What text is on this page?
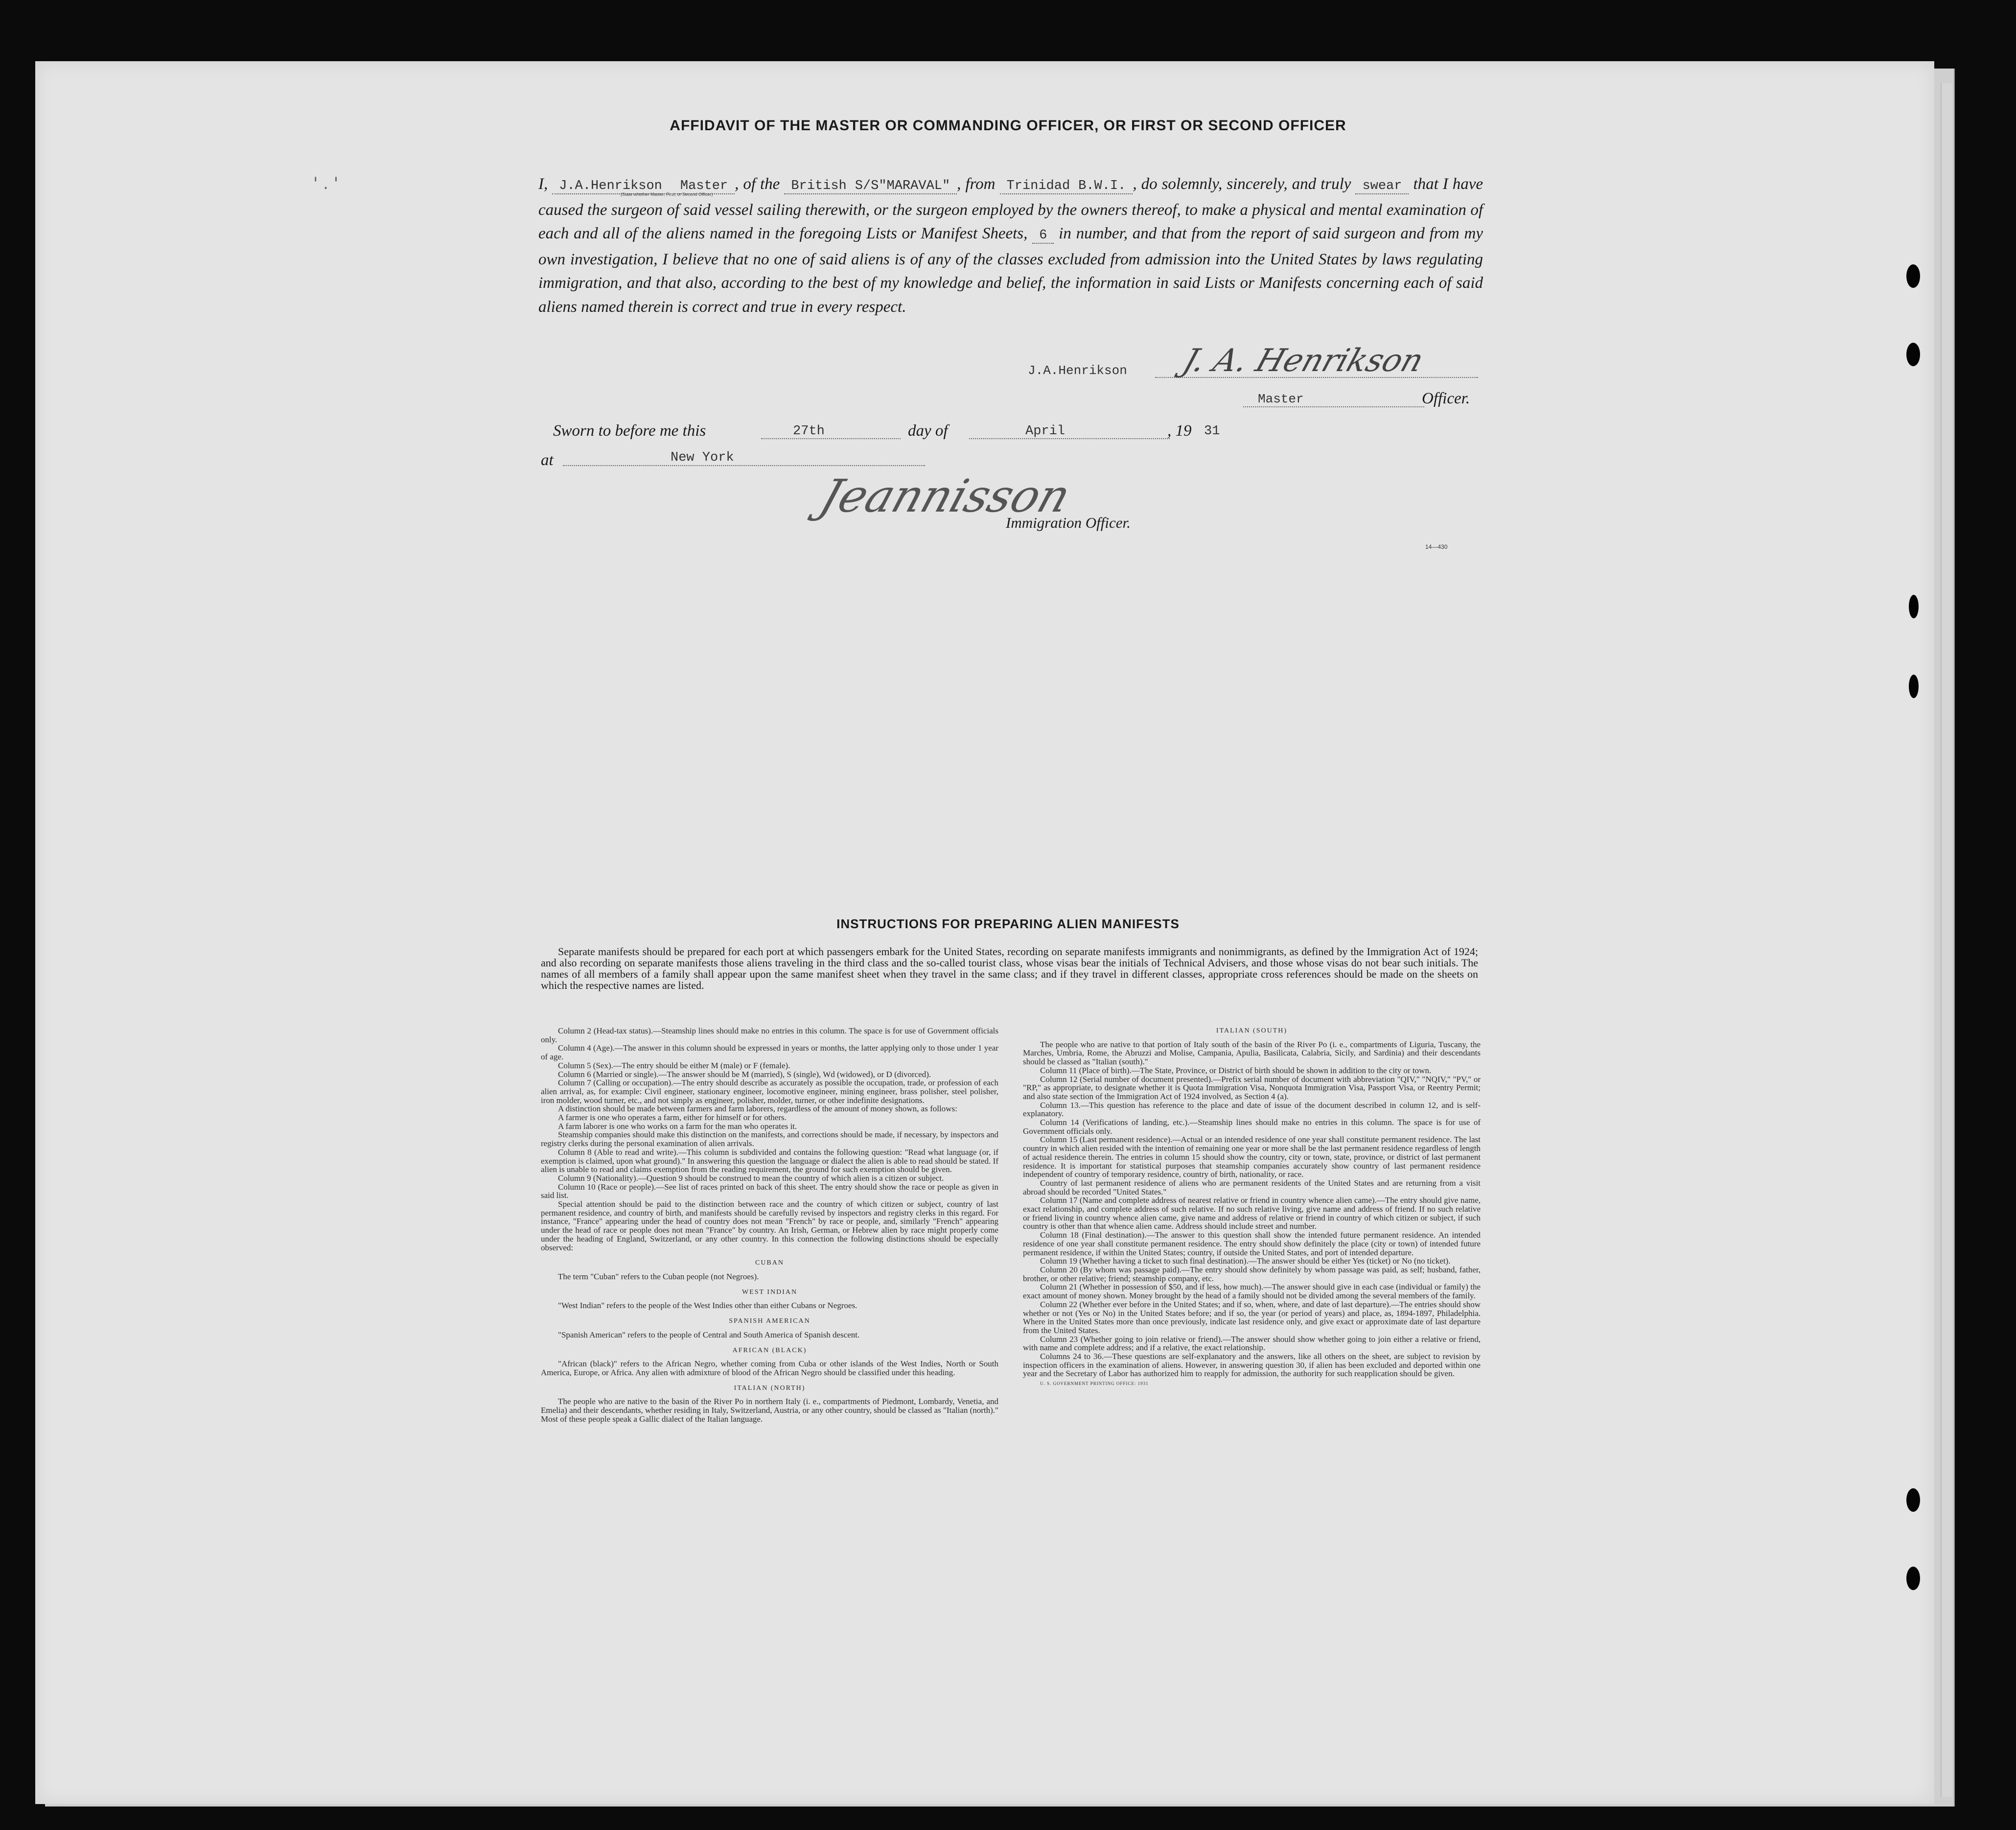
' . '
AFFIDAVIT OF THE MASTER OR COMMANDING OFFICER, OR FIRST OR SECOND OFFICER
I, J.A.Henrikson Master , of the British S/S"MARAVAL" , from Trinidad B.W.I. , do solemnly, sincerely, and truly swear that I have caused the surgeon of said vessel sailing therewith, or the surgeon employed by the owners thereof, to make a physical and mental examination of each and all of the aliens named in the foregoing Lists or Manifest Sheets, 6 in number, and that from the report of said surgeon and from my own investigation, I believe that no one of said aliens is of any of the classes excluded from admission into the United States by laws regulating immigration, and that also, according to the best of my knowledge and belief, the information in said Lists or Manifests concerning each of said aliens named therein is correct and true in every respect.
(State whether Master, First, or Second Officer)
J.A.Henrikson J. A. Henrikson
Master	Officer.
Sworn to before me this	27th	day of	April	, 19 31
at	New York
Jeannisson
Immigration Officer.
14—430
INSTRUCTIONS FOR PREPARING ALIEN MANIFESTS
Separate manifests should be prepared for each port at which passengers embark for the United States, recording on separate manifests immigrants and nonimmigrants, as defined by the Immigration Act of 1924; and also recording on separate manifests those aliens traveling in the third class and the so-called tourist class, whose visas bear the initials of Technical Advisers, and those whose visas do not bear such initials. The names of all members of a family shall appear upon the same manifest sheet when they travel in the same class; and if they travel in different classes, appropriate cross references should be made on the sheets on which the respective names are listed.

Column 2 (Head-tax status).—Steamship lines should make no entries in this column. The space is for use of Government officials only.

Column 4 (Age).—The answer in this column should be expressed in years or months, the latter applying only to those under 1 year of age.

Column 5 (Sex).—The entry should be either M (male) or F (female).

Column 6 (Married or single).—The answer should be M (married), S (single), Wd (widowed), or D (divorced).

Column 7 (Calling or occupation).—The entry should describe as accurately as possible the occupation, trade, or profession of each alien arrival, as, for example: Civil engineer, stationary engineer, locomotive engineer, mining engineer, brass polisher, steel polisher, iron molder, wood turner, etc., and not simply as engineer, polisher, molder, turner, or other indefinite designations.

A distinction should be made between farmers and farm laborers, regardless of the amount of money shown, as follows:

A farmer is one who operates a farm, either for himself or for others.

A farm laborer is one who works on a farm for the man who operates it.

Steamship companies should make this distinction on the manifests, and corrections should be made, if necessary, by inspectors and registry clerks during the personal examination of alien arrivals.

Column 8 (Able to read and write).—This column is subdivided and contains the following question: "Read what language (or, if exemption is claimed, upon what ground)." In answering this question the language or dialect the alien is able to read should be stated. If alien is unable to read and claims exemption from the reading requirement, the ground for such exemption should be given.

Column 9 (Nationality).—Question 9 should be construed to mean the country of which alien is a citizen or subject.

Column 10 (Race or people).—See list of races printed on back of this sheet. The entry should show the race or people as given in said list.

Special attention should be paid to the distinction between race and the country of which citizen or subject, country of last permanent residence, and country of birth, and manifests should be carefully revised by inspectors and registry clerks in this regard. For instance, "France" appearing under the head of country does not mean "French" by race or people, and, similarly "French" appearing under the head of race or people does not mean "France" by country. An Irish, German, or Hebrew alien by race might properly come under the heading of England, Switzerland, or any other country. In this connection the following distinctions should be especially observed:

CUBAN

The term "Cuban" refers to the Cuban people (not Negroes).

WEST INDIAN

"West Indian" refers to the people of the West Indies other than either Cubans or Negroes.

SPANISH AMERICAN

"Spanish American" refers to the people of Central and South America of Spanish descent.

AFRICAN (BLACK)

"African (black)" refers to the African Negro, whether coming from Cuba or other islands of the West Indies, North or South America, Europe, or Africa. Any alien with admixture of blood of the African Negro should be classified under this heading.

ITALIAN (NORTH)

The people who are native to the basin of the River Po in northern Italy (i. e., compartments of Piedmont, Lombardy, Venetia, and Emelia) and their descendants, whether residing in Italy, Switzerland, Austria, or any other country, should be classed as "Italian (north)." Most of these people speak a Gallic dialect of the Italian language.

ITALIAN (SOUTH)

The people who are native to that portion of Italy south of the basin of the River Po (i. e., compartments of Liguria, Tuscany, the Marches, Umbria, Rome, the Abruzzi and Molise, Campania, Apulia, Basilicata, Calabria, Sicily, and Sardinia) and their descendants should be classed as "Italian (south)."

Column 11 (Place of birth).—The State, Province, or District of birth should be shown in addition to the city or town.

Column 12 (Serial number of document presented).—Prefix serial number of document with abbreviation "QIV," "NQIV," "PV," or "RP," as appropriate, to designate whether it is Quota Immigration Visa, Nonquota Immigration Visa, Passport Visa, or Reentry Permit; and also state section of the Immigration Act of 1924 involved, as Section 4 (a).

Column 13.—This question has reference to the place and date of issue of the document described in column 12, and is self-explanatory.

Column 14 (Verifications of landing, etc.).—Steamship lines should make no entries in this column. The space is for use of Government officials only.

Column 15 (Last permanent residence).—Actual or an intended residence of one year shall constitute permanent residence. The last country in which alien resided with the intention of remaining one year or more shall be the last permanent residence regardless of length of actual residence therein. The entries in column 15 should show the country, city or town, state, province, or district of last permanent residence. It is important for statistical purposes that steamship companies accurately show country of last permanent residence independent of country of temporary residence, country of birth, nationality, or race.

Country of last permanent residence of aliens who are permanent residents of the United States and are returning from a visit abroad should be recorded "United States."

Column 17 (Name and complete address of nearest relative or friend in country whence alien came).—The entry should give name, exact relationship, and complete address of such relative. If no such relative living, give name and address of friend. If no such relative or friend living in country whence alien came, give name and address of relative or friend in country of which citizen or subject, if such country is other than that whence alien came. Address should include street and number.

Column 18 (Final destination).—The answer to this question shall show the intended future permanent residence. An intended residence of one year shall constitute permanent residence. The entry should show definitely the place (city or town) of intended future permanent residence, if within the United States; country, if outside the United States, and port of intended departure.

Column 19 (Whether having a ticket to such final destination).—The answer should be either Yes (ticket) or No (no ticket).

Column 20 (By whom was passage paid).—The entry should show definitely by whom passage was paid, as self; husband, father, brother, or other relative; friend; steamship company, etc.

Column 21 (Whether in possession of $50, and if less, how much).—The answer should give in each case (individual or family) the exact amount of money shown. Money brought by the head of a family should not be divided among the several members of the family.

Column 22 (Whether ever before in the United States; and if so, when, where, and date of last departure).—The entries should show whether or not (Yes or No) in the United States before; and if so, the year (or period of years) and place, as, 1894-1897, Philadelphia. Where in the United States more than once previously, indicate last residence only, and give exact or approximate date of last departure from the United States.

Column 23 (Whether going to join relative or friend).—The answer should show whether going to join either a relative or friend, with name and complete address; and if a relative, the exact relationship.

Columns 24 to 36.—These questions are self-explanatory and the answers, like all others on the sheet, are subject to revision by inspection officers in the examination of aliens. However, in answering question 30, if alien has been excluded and deported within one year and the Secretary of Labor has authorized him to reapply for admission, the authority for such reapplication should be given.

U. S. GOVERNMENT PRINTING OFFICE: 1931
